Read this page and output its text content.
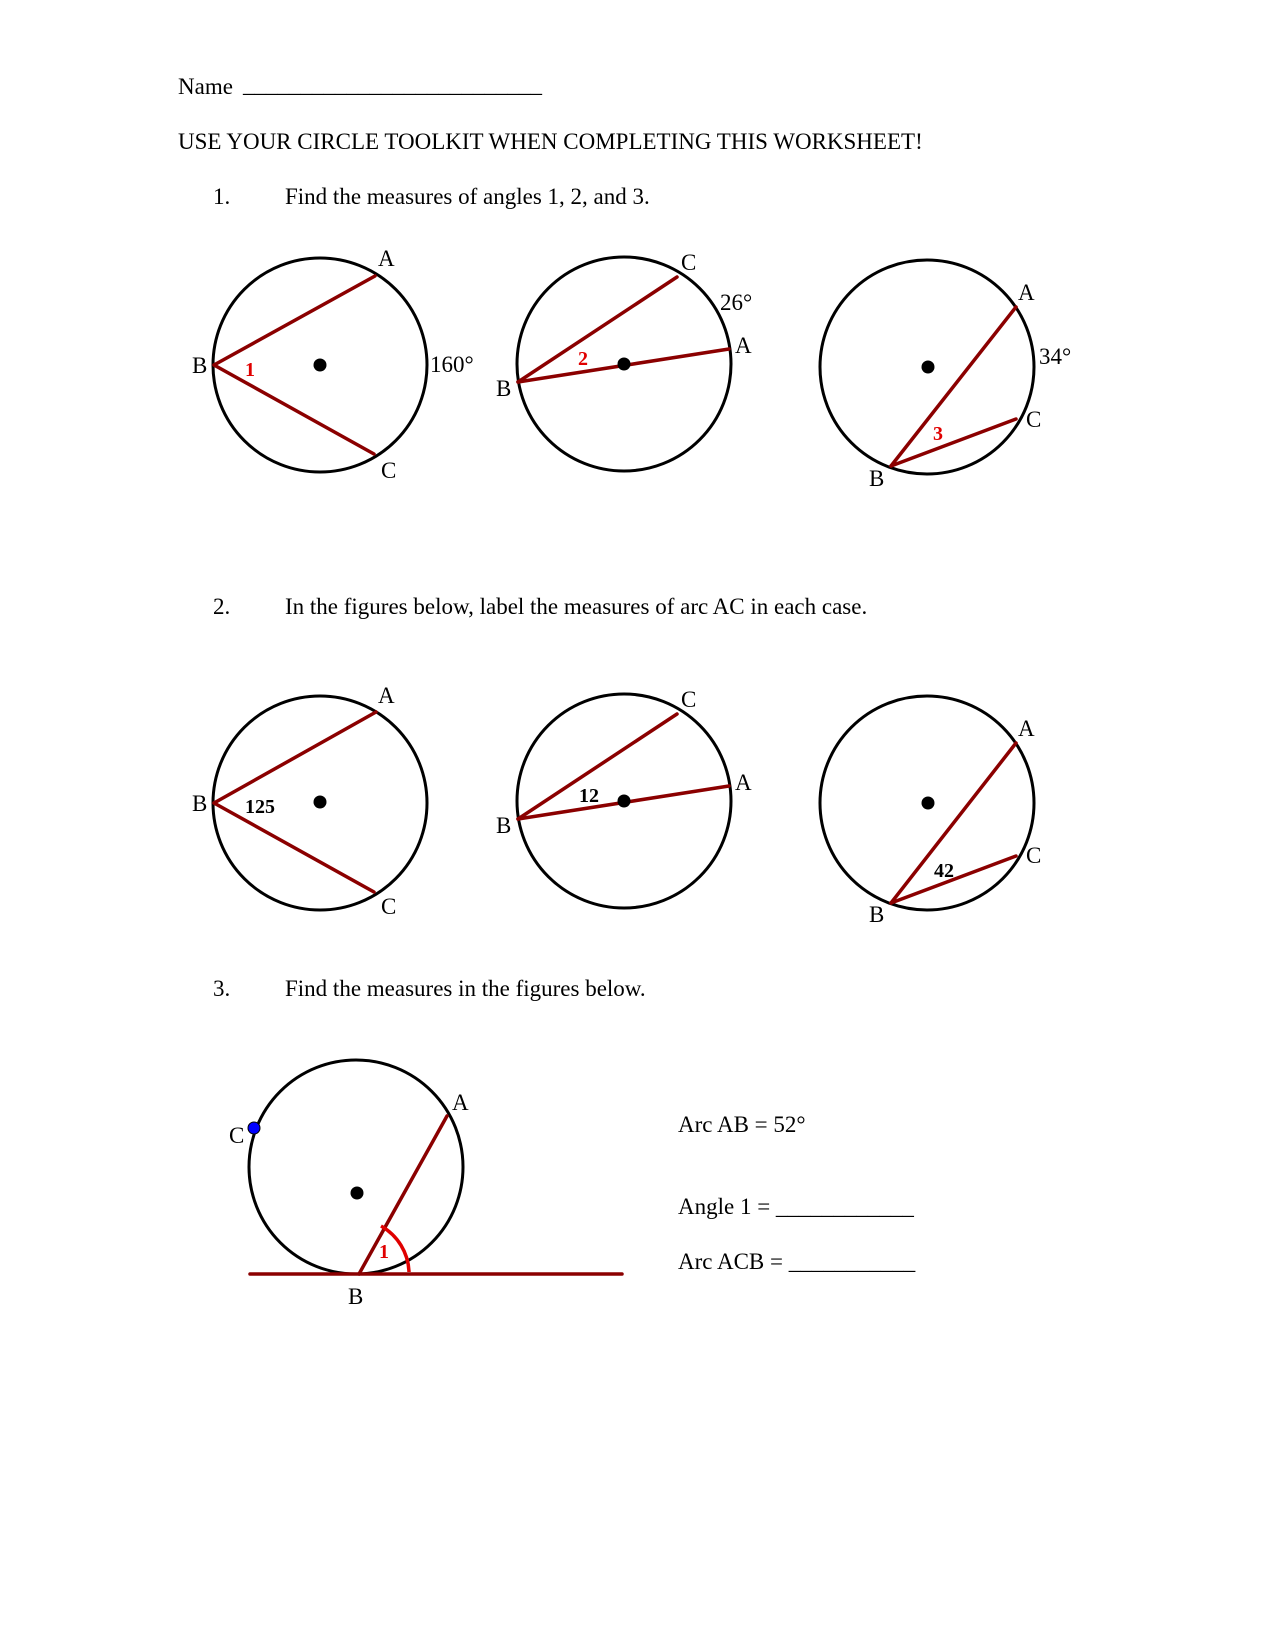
Name __________________________
USE YOUR CIRCLE TOOLKIT WHEN COMPLETING THIS WORKSHEET!
1. Find the measures of angles 1, 2, and 3.
2. In the figures below, label the measures of arc AC in each case.
3. Find the measures in the figures below.
Arc AB = 52°
Angle 1 = ____________
Arc ACB = ___________
A
B
C
1	160°
A
B
C
2
26°	A
B
C
3
34°
A
B
C
125
A
B
C
12
A
B
C
42
A
B
C
1
